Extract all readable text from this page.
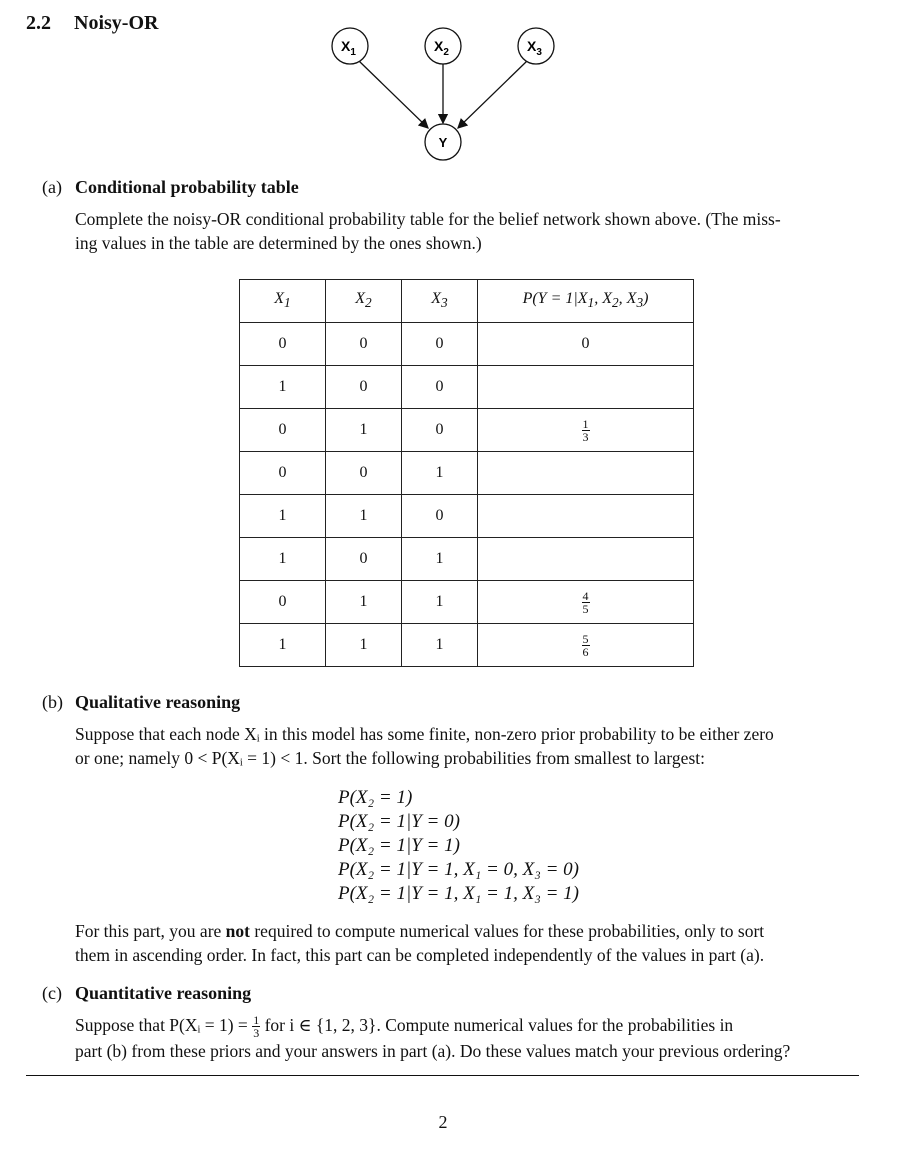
2.2 Noisy-OR
$X_1$	$X_2$	$X_3$
Y
(a) Conditional probability table
Complete the noisy-OR conditional probability table for the belief network shown above. (The miss-
ing values in the table are determined by the ones shown.)
$X_1$	$X_2$	$X_3$	$P(Y = 1|X_1$, $X_2$, $X_3$)
0	0	0	0
1	0	0	
0	1	0	$\frac{1}{3}$

0	0	1	
1	1	0	
1	0	1	
0	1	1	$\frac{4}{5}$

1	1	1	$\frac{5}{6}$
(b) Qualitative reasoning
Suppose that each node Xᵢ in this model has some finite, non-zero prior probability to be either zero
or one; namely 0 < P(Xᵢ = 1) < 1. Sort the following probabilities from smallest to largest:
P(X₂ = 1)
P(X₂ = 1|Y = 0)
P(X₂ = 1|Y = 1)
P(X₂ = 1|Y = 1, X₁ = 0, X₃ = 0)
P(X₂ = 1|Y = 1, X₁ = 1, X₃ = 1)
For this part, you are not required to compute numerical values for these probabilities, only to sort
them in ascending order. In fact, this part can be completed independently of the values in part (a).
(c) Quantitative reasoning
Suppose that P(Xᵢ = $1) = \frac{1}{3}$ for i ∈ {1, 2, 3}. Compute numerical values for the probabilities in
part (b) from these priors and your answers in part (a). Do these values match your previous ordering?
2
